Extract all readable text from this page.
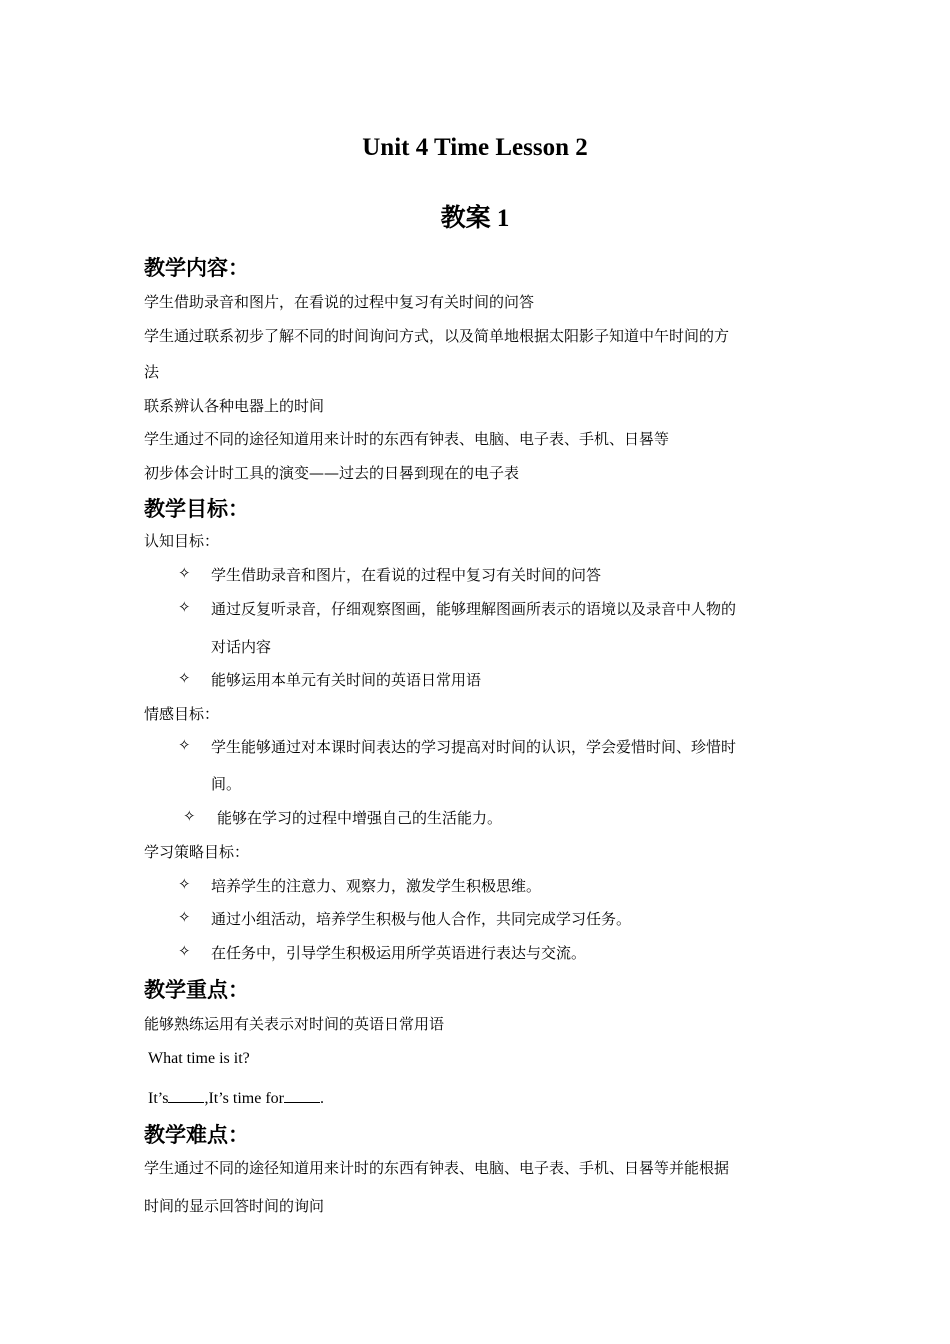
Unit 4 Time Lesson 2
教案 1
教学内容：
学生借助录音和图片，在看说的过程中复习有关时间的问答
学生通过联系初步了解不同的时间询问方式，以及简单地根据太阳影子知道中午时间的方
法
联系辨认各种电器上的时间
学生通过不同的途径知道用来计时的东西有钟表、电脑、电子表、手机、日晷等
初步体会计时工具的演变——过去的日晷到现在的电子表
教学目标：
认知目标：
✧ 学生借助录音和图片，在看说的过程中复习有关时间的问答
✧ 通过反复听录音，仔细观察图画，能够理解图画所表示的语境以及录音中人物的
对话内容
✧ 能够运用本单元有关时间的英语日常用语
情感目标：
✧ 学生能够通过对本课时间表达的学习提高对时间的认识，学会爱惜时间、珍惜时
间。
✧ 能够在学习的过程中增强自己的生活能力。
学习策略目标：
✧ 培养学生的注意力、观察力，激发学生积极思维。
✧ 通过小组活动，培养学生积极与他人合作，共同完成学习任务。
✧ 在任务中，引导学生积极运用所学英语进行表达与交流。
教学重点：
能够熟练运用有关表示对时间的英语日常用语
What time is it?
It’s ,It’s time for .
教学难点：
学生通过不同的途径知道用来计时的东西有钟表、电脑、电子表、手机、日晷等并能根据
时间的显示回答时间的询问
